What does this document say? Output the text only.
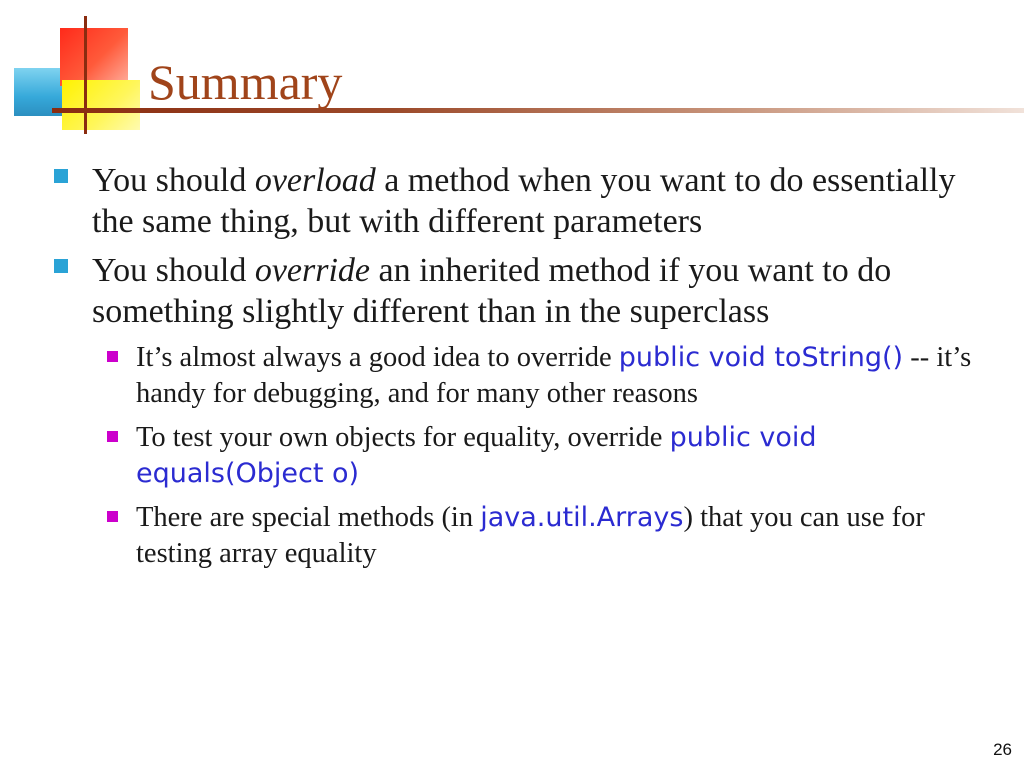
Summary
You should overload a method when you want to do essentially the same thing, but with different parameters
You should override an inherited method if you want to do something slightly different than in the superclass
It’s almost always a good idea to override public void toString() -- it’s handy for debugging, and for many other reasons
To test your own objects for equality, override public void equals(Object o)
There are special methods (in java.util.Arrays) that you can use for testing array equality
26
